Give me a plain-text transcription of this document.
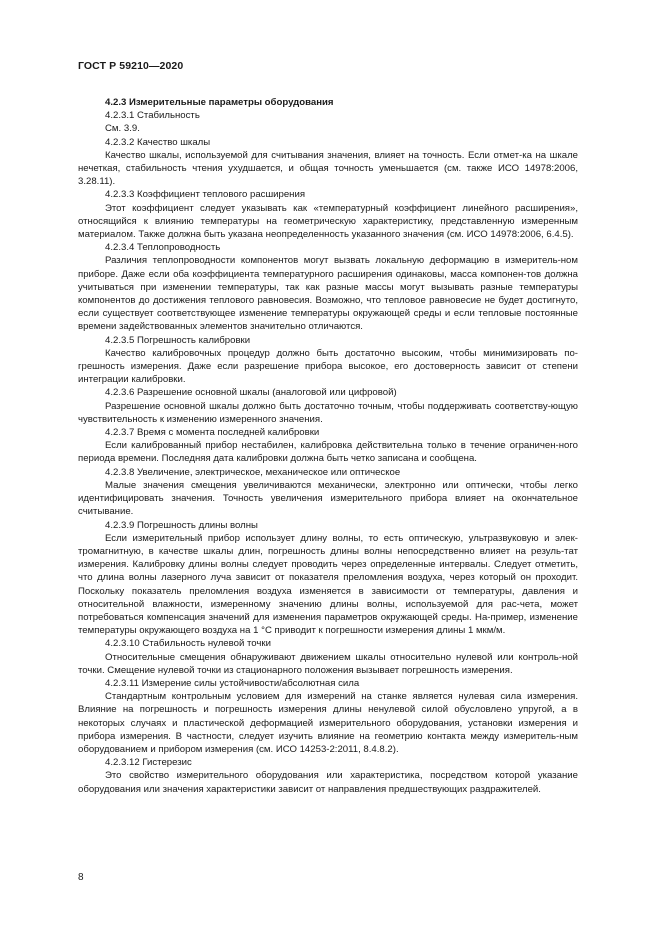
ГОСТ Р 59210—2020
4.2.3 Измерительные параметры оборудования
4.2.3.1 Стабильность
См. 3.9.
4.2.3.2 Качество шкалы
Качество шкалы, используемой для считывания значения, влияет на точность. Если отмет-ка на шкале нечеткая, стабильность чтения ухудшается, и общая точность уменьшается (см. также ИСО 14978:2006, 3.28.11).
4.2.3.3 Коэффициент теплового расширения
Этот коэффициент следует указывать как «температурный коэффициент линейного расширения», относящийся к влиянию температуры на геометрическую характеристику, представленную измеренным материалом. Также должна быть указана неопределенность указанного значения (см. ИСО 14978:2006, 6.4.5).
4.2.3.4 Теплопроводность
Различия теплопроводности компонентов могут вызвать локальную деформацию в измеритель-ном приборе. Даже если оба коэффициента температурного расширения одинаковы, масса компонен-тов должна учитываться при изменении температуры, так как разные массы могут вызывать разные температуры компонентов до достижения теплового равновесия. Возможно, что тепловое равновесие не будет достигнуто, если существует соответствующее изменение температуры окружающей среды и если тепловые постоянные времени задействованных элементов значительно отличаются.
4.2.3.5 Погрешность калибровки
Качество калибровочных процедур должно быть достаточно высоким, чтобы минимизировать по-грешность измерения. Даже если разрешение прибора высокое, его достоверность зависит от степени интеграции калибровки.
4.2.3.6 Разрешение основной шкалы (аналоговой или цифровой)
Разрешение основной шкалы должно быть достаточно точным, чтобы поддерживать соответству-ющую чувствительность к изменению измеренного значения.
4.2.3.7 Время с момента последней калибровки
Если калиброванный прибор нестабилен, калибровка действительна только в течение ограничен-ного периода времени. Последняя дата калибровки должна быть четко записана и сообщена.
4.2.3.8 Увеличение, электрическое, механическое или оптическое
Малые значения смещения увеличиваются механически, электронно или оптически, чтобы легко идентифицировать значения. Точность увеличения измерительного прибора влияет на окончательное считывание.
4.2.3.9 Погрешность длины волны
Если измерительный прибор использует длину волны, то есть оптическую, ультразвуковую и элек-тромагнитную, в качестве шкалы длин, погрешность длины волны непосредственно влияет на резуль-тат измерения. Калибровку длины волны следует проводить через определенные интервалы. Следует отметить, что длина волны лазерного луча зависит от показателя преломления воздуха, через который он проходит. Поскольку показатель преломления воздуха изменяется в зависимости от температуры, давления и относительной влажности, измеренному значению длины волны, используемой для рас-чета, может потребоваться компенсация значений для изменения параметров окружающей среды. На-пример, изменение температуры окружающего воздуха на 1 °С приводит к погрешности измерения длины 1 мкм/м.
4.2.3.10 Стабильность нулевой точки
Относительные смещения обнаруживают движением шкалы относительно нулевой или контроль-ной точки. Смещение нулевой точки из стационарного положения вызывает погрешность измерения.
4.2.3.11 Измерение силы устойчивости/абсолютная сила
Стандартным контрольным условием для измерений на станке является нулевая сила измерения. Влияние на погрешность и погрешность измерения длины ненулевой силой обусловлено упругой, а в некоторых случаях и пластической деформацией измерительного оборудования, установки измерения и прибора измерения. В частности, следует изучить влияние на геометрию контакта между измеритель-ным оборудованием и прибором измерения (см. ИСО 14253-2:2011, 8.4.8.2).
4.2.3.12 Гистерезис
Это свойство измерительного оборудования или характеристика, посредством которой указание оборудования или значения характеристики зависит от направления предшествующих раздражителей.
8
